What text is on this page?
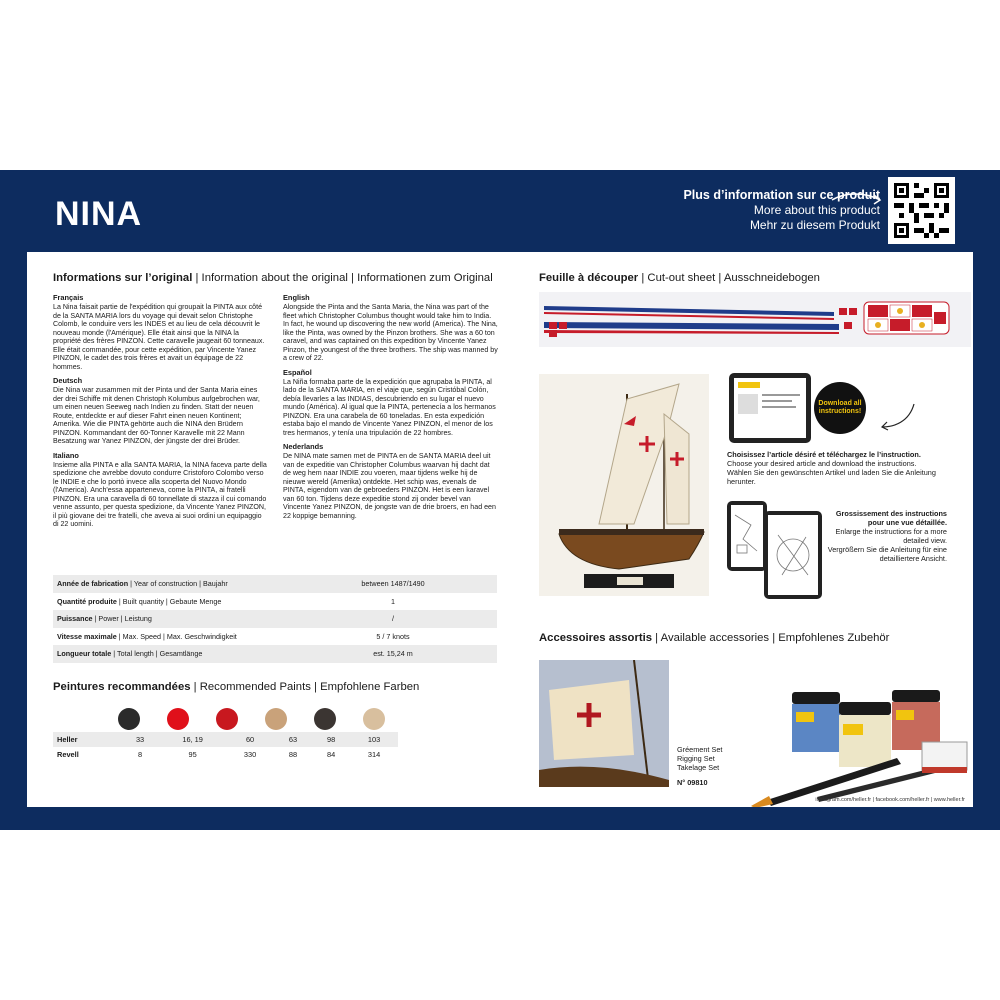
NINA	Plus d’information sur ce produit
More about this product
Mehr zu diesem Produkt
Informations sur l’original | Information about the original | Informationen zum Original

Français

La Nina faisait partie de l'expédition qui groupait la PINTA aux côté de la SANTA MARIA lors du voyage qui devait selon Christophe Colomb, le conduire vers les INDES et au lieu de cela découvrit le nouveau monde (l'Amérique). Elle était ainsi que la NINA la propriété des frères PINZON. Cette caravelle jaugeait 60 tonneaux. Elle était commandée, pour cette expédition, par Vincente Yanez PINZON, le cadet des trois frères et avait un équipage de 22 hommes.

Deutsch

Die Nina war zusammen mit der Pinta und der Santa Maria eines der drei Schiffe mit denen Christoph Kolumbus aufgebrochen war, um einen neuen Seeweg nach Indien zu finden. Statt der neuen Route, entdeckte er auf dieser Fahrt einen neuen Kontinent; Amerika. Wie die PINTA gehörte auch die NINA den Brüdern PINZON. Kommandant der 60-Tonner Karavelle mit 22 Mann Besatzung war Yanez PINZON, der jüngste der drei Brüder.

Italiano

Insieme alla PINTA e alla SANTA MARIA, la NINA faceva parte della spedizione che avrebbe dovuto condurre Cristoforo Colombo verso le INDIE e che lo portò invece alla scoperta del Nuovo Mondo (l'America). Anch'essa apparteneva, come la PINTA, ai fratelli PINZON. Era una caravella di 60 tonnellate di stazza il cui comando venne assunto, per questa spedizione, da Vincente Yanez PINZON, il più giovane dei tre fratelli, che aveva ai suoi ordini un equipaggio di 22 uomini.

English

Alongside the Pinta and the Santa Maria, the Nina was part of the fleet which Christopher Columbus thought would take him to India. In fact, he wound up discovering the new world (America). The Nina, like the Pinta, was owned by the Pinzon brothers. She was a 60 ton caravel, and was captained on this expedition by Vincente Yanez Pinzon, the youngest of the three brothers. The ship was manned by a crew of 22.

Español

La Niña formaba parte de la expedición que agrupaba la PINTA, al lado de la SANTA MARIA, en el viaje que, según Cristóbal Colón, debía llevarles a las INDIAS, descubriendo en su lugar el nuevo mundo (América). Al igual que la PINTA, pertenecía a los hermanos PINZON. Era una carabela de 60 toneladas. En esta expedición estaba bajo el mando de Vincente Yanez PINZON, el menor de los tres hermanos, y tenía una tripulación de 22 hombres.

Nederlands

De NINA mate samen met de PINTA en de SANTA MARIA deel uit van de expeditie van Christopher Columbus waarvan hij dacht dat de weg hem naar INDIE zou voeren, maar tijdens welke hij de nieuwe wereld (Amerika) ontdekte. Het schip was, evenals de PINTA, eigendom van de gebroeders PINZON. Het is een karavel van 60 ton. Tijdens deze expeditie stond zij onder bevel van Vincente Yanez PINZON, de jongste van de drie broers, en had een 22 koppige bemanning.

Année de fabrication | Year of construction | Baujahr	between 1487/1490
Quantité produite | Built quantity | Gebaute Menge	1
Puissance | Power | Leistung	/
Vitesse maximale | Max. Speed | Max. Geschwindigkeit	5 / 7 knots
Longueur totale | Total length | Gesamtlänge	est. 15,24 m
Peintures recommandées | Recommended Paints | Empfohlene Farben
Heller	33	16, 19	60	63	98	103
Revell	8	95	330	88	84	314
Feuille à découper | Cut-out sheet | Ausschneidebogen
Download all instructions!
Choisissez l’article désiré et téléchargez le l’instruction.
Choose your desired article and download the instructions.
Wählen Sie den gewünschten Artikel und laden Sie die Anleitung herunter.
Grossissement des instructions pour une vue détaillée.
Enlarge the instructions for a more detailed view.
Vergrößern Sie die Anleitung für eine detailliertere Ansicht.
Accessoires assortis | Available accessories | Empfohlenes Zubehör
Gréement Set
Rigging Set
Takelage Set
N° 09810
instagram.com/heller.fr | facebook.com/heller.fr | www.heller.fr
